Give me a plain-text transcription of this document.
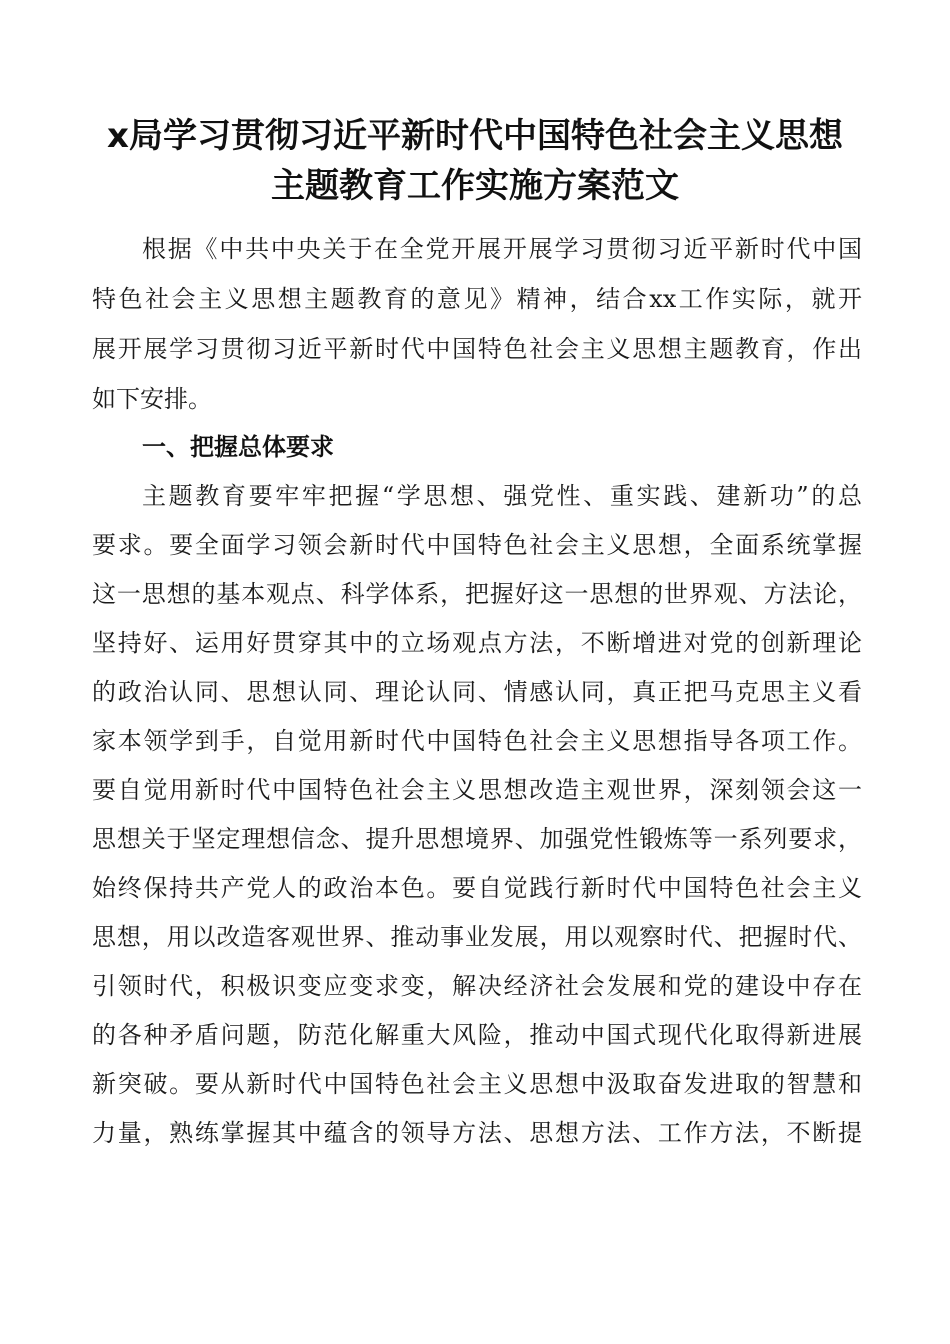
x局学习贯彻习近平新时代中国特色社会主义思想
主题教育工作实施方案范文
根据《中共中央关于在全党开展开展学习贯彻习近平新时代中国
特色社会主义思想主题教育的意见》精神，结合xx工作实际，就开
展开展学习贯彻习近平新时代中国特色社会主义思想主题教育，作出
如下安排。
一、把握总体要求
主题教育要牢牢把握“学思想、强党性、重实践、建新功”的总
要求。要全面学习领会新时代中国特色社会主义思想，全面系统掌握
这一思想的基本观点、科学体系，把握好这一思想的世界观、方法论，
坚持好、运用好贯穿其中的立场观点方法，不断增进对党的创新理论
的政治认同、思想认同、理论认同、情感认同，真正把马克思主义看
家本领学到手，自觉用新时代中国特色社会主义思想指导各项工作。
要自觉用新时代中国特色社会主义思想改造主观世界，深刻领会这一
思想关于坚定理想信念、提升思想境界、加强党性锻炼等一系列要求，
始终保持共产党人的政治本色。要自觉践行新时代中国特色社会主义
思想，用以改造客观世界、推动事业发展，用以观察时代、把握时代、
引领时代，积极识变应变求变，解决经济社会发展和党的建设中存在
的各种矛盾问题，防范化解重大风险，推动中国式现代化取得新进展
新突破。要从新时代中国特色社会主义思想中汲取奋发进取的智慧和
力量，熟练掌握其中蕴含的领导方法、思想方法、工作方法，不断提
